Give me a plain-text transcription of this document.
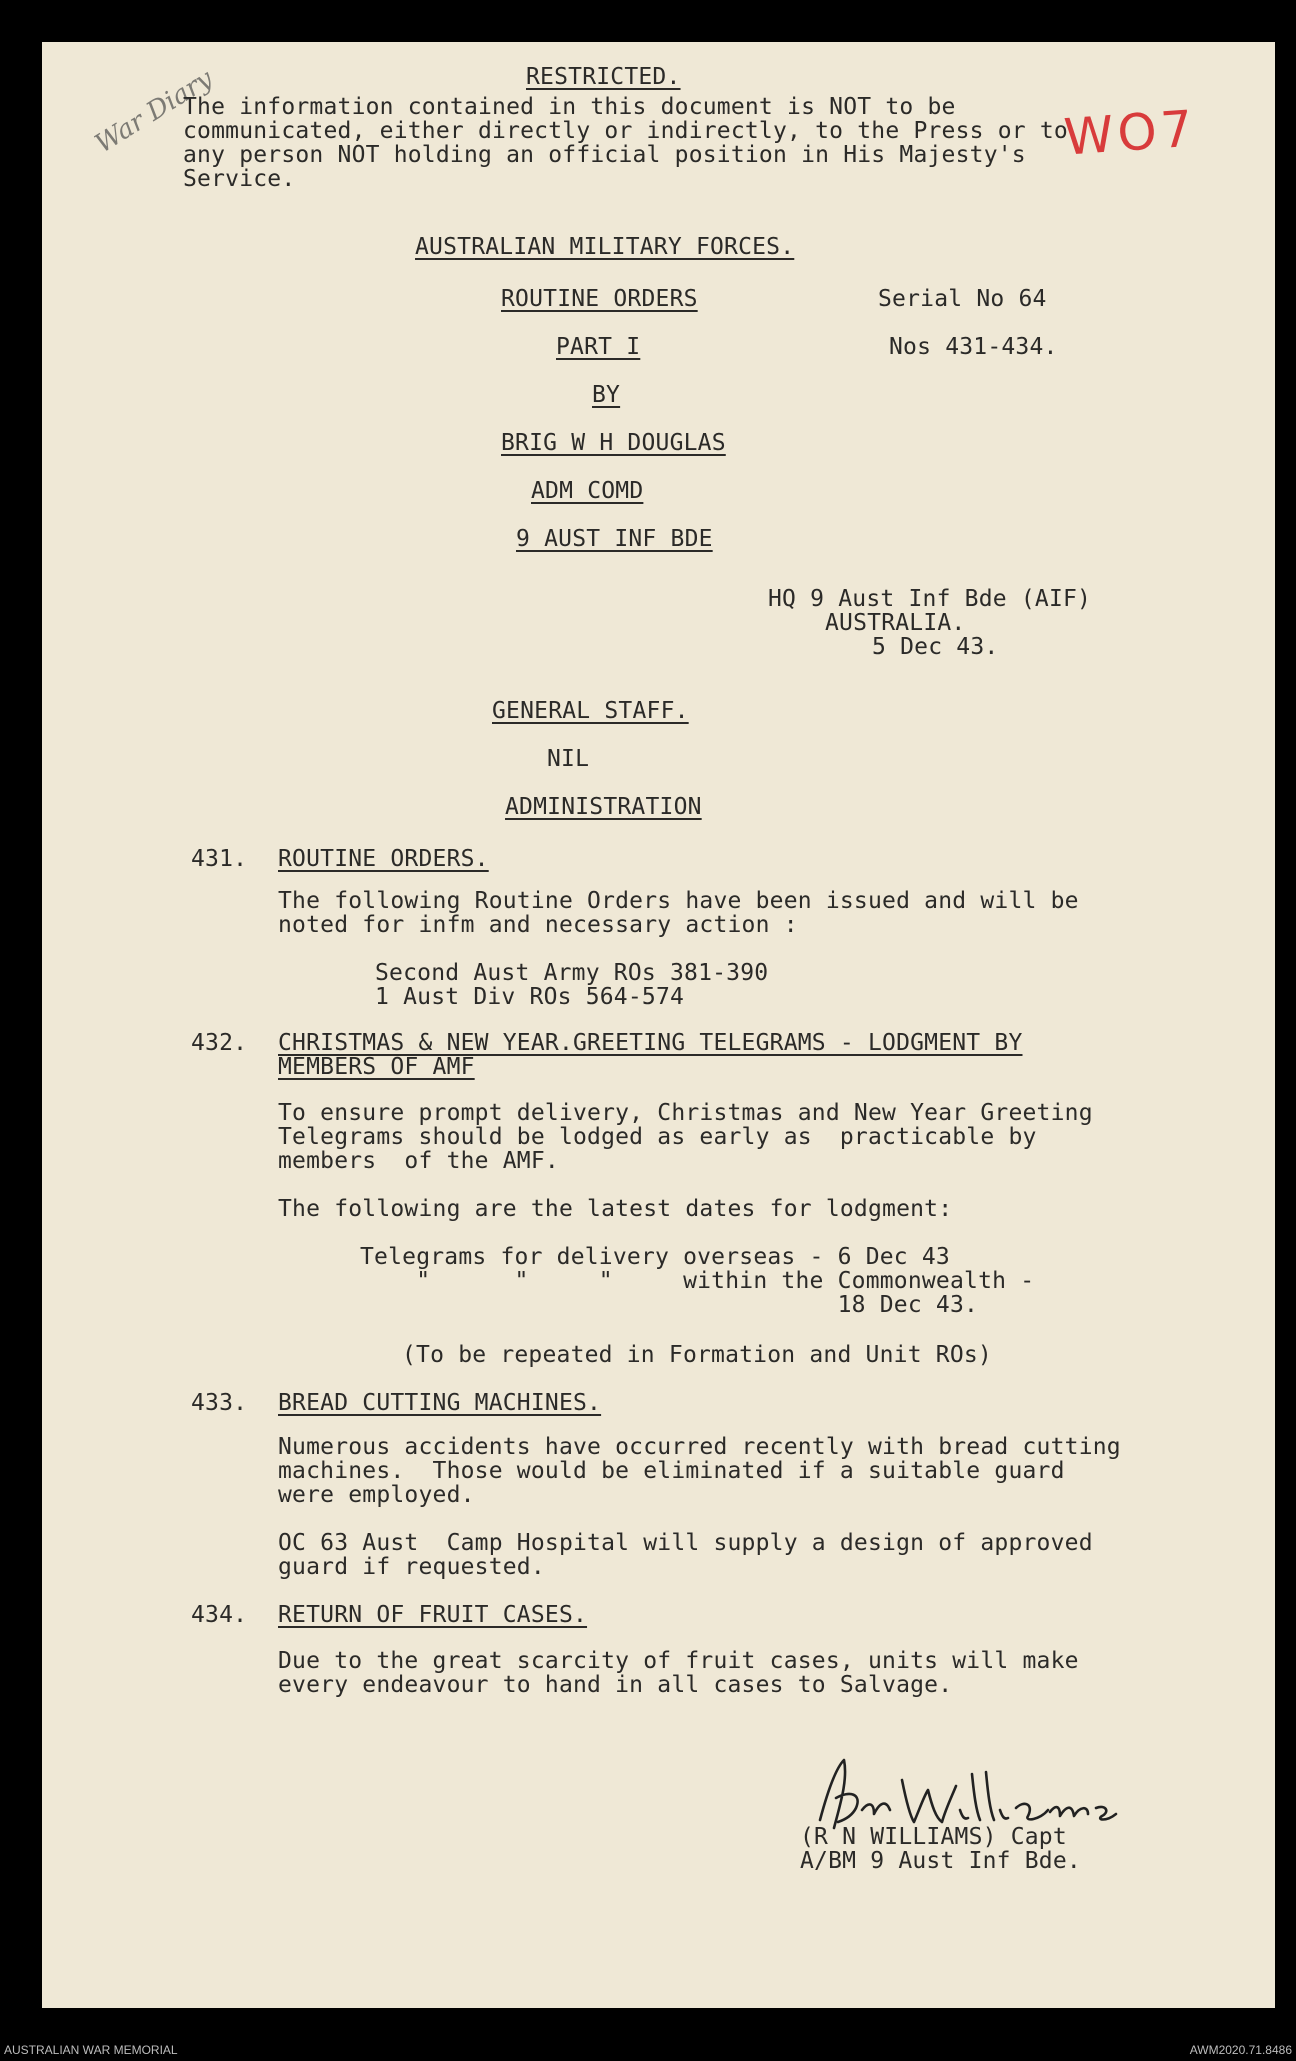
WO7
War Diary	RESTRICTED.
The information contained in this document is NOT to be
communicated, either directly or indirectly, to the Press or to
any person NOT holding an official position in His Majesty's
Service.
AUSTRALIAN MILITARY FORCES.
ROUTINE ORDERS	Serial No 64
PART I	Nos 431-434.
BY
BRIG W H DOUGLAS
ADM COMD
9 AUST INF BDE
HQ 9 Aust Inf Bde (AIF)
AUSTRALIA.
5 Dec 43.
GENERAL STAFF.
NIL
ADMINISTRATION
431. ROUTINE ORDERS.
The following Routine Orders have been issued and will be
noted for infm and necessary action :
Second Aust Army ROs 381-390
1 Aust Div ROs 564-574
432. CHRISTMAS & NEW YEAR.GREETING TELEGRAMS - LODGMENT BY
MEMBERS OF AMF
To ensure prompt delivery, Christmas and New Year Greeting
Telegrams should be lodged as early as  practicable by
members  of the AMF.
The following are the latest dates for lodgment:
Telegrams for delivery overseas - 6 Dec 43
"      "     "     within the Commonwealth -
18 Dec 43.
(To be repeated in Formation and Unit ROs)
433. BREAD CUTTING MACHINES.
Numerous accidents have occurred recently with bread cutting
machines.  Those would be eliminated if a suitable guard
were employed.
OC 63 Aust  Camp Hospital will supply a design of approved
guard if requested.
434. RETURN OF FRUIT CASES.
Due to the great scarcity of fruit cases, units will make
every endeavour to hand in all cases to Salvage.
(R N WILLIAMS) Capt
A/BM 9 Aust Inf Bde.
AUSTRALIAN WAR MEMORIAL	AWM2020.71.8486
